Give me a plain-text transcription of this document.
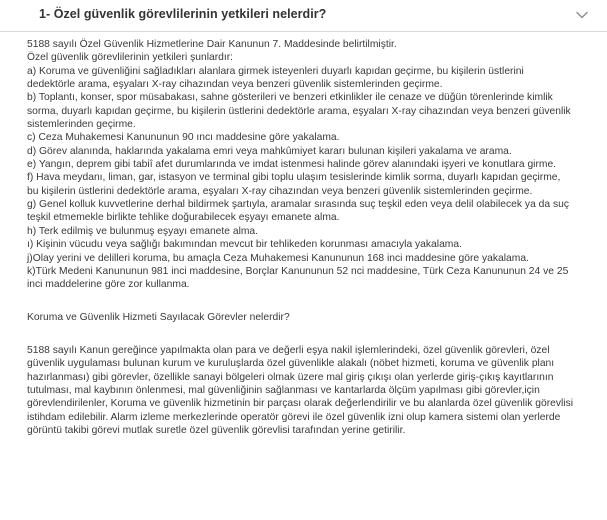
1- Özel güvenlik görevlilerinin yetkileri nelerdir?

5188 sayılı Özel Güvenlik Hizmetlerine Dair Kanunun 7. Maddesinde belirtilmiştir.

Özel güvenlik görevlilerinin yetkileri şunlardır:

a) Koruma ve güvenliğini sağladıkları alanlara girmek isteyenleri duyarlı kapıdan geçirme, bu kişilerin üstlerini

dedektörle arama, eşyaları X-ray cihazından veya benzeri güvenlik sistemlerinden geçirme.

b) Toplantı, konser, spor müsabakası, sahne gösterileri ve benzeri etkinlikler ile cenaze ve düğün törenlerinde kimlik

sorma, duyarlı kapıdan geçirme, bu kişilerin üstlerini dedektörle arama, eşyaları X-ray cihazından veya benzeri güvenlik

sistemlerinden geçirme.

c) Ceza Muhakemesi Kanununun 90 ıncı maddesine göre yakalama.

d) Görev alanında, haklarında yakalama emri veya mahkûmiyet kararı bulunan kişileri yakalama ve arama.

e) Yangın, deprem gibi tabiî afet durumlarında ve imdat istenmesi halinde görev alanındaki işyeri ve konutlara girme.

f) Hava meydanı, liman, gar, istasyon ve terminal gibi toplu ulaşım tesislerinde kimlik sorma, duyarlı kapıdan geçirme,

bu kişilerin üstlerini dedektörle arama, eşyaları X-ray cihazından veya benzeri güvenlik sistemlerinden geçirme.

g) Genel kolluk kuvvetlerine derhal bildirmek şartıyla, aramalar sırasında suç teşkil eden veya delil olabilecek ya da suç

teşkil etmemekle birlikte tehlike doğurabilecek eşyayı emanete alma.

h) Terk edilmiş ve bulunmuş eşyayı emanete alma.

ı) Kişinin vücudu veya sağlığı bakımından mevcut bir tehlikeden korunması amacıyla yakalama.

j)Olay yerini ve delilleri koruma, bu amaçla Ceza Muhakemesi Kanununun 168 inci maddesine göre yakalama.

k)Türk Medeni Kanununun 981 inci maddesine, Borçlar Kanununun 52 nci maddesine, Türk Ceza Kanununun 24 ve 25

inci maddelerine göre zor kullanma.

Koruma ve Güvenlik Hizmeti Sayılacak Görevler nelerdir?

5188 sayılı Kanun gereğince yapılmakta olan para ve değerli eşya nakil işlemlerindeki, özel güvenlik görevleri, özel

güvenlik uygulaması bulunan kurum ve kuruluşlarda özel güvenlikle alakalı (nöbet hizmeti, koruma ve güvenlik planı

hazırlanması) gibi görevler, özellikle sanayi bölgeleri olmak üzere mal giriş çıkışı olan yerlerde giriş-çıkış kayıtlarının

tutulması, mal kaybının önlenmesi, mal güvenliğinin sağlanması ve kantarlarda ölçüm yapılması gibi görevler,için

görevlendirilenler, Koruma ve güvenlik hizmetinin bir parçası olarak değerlendirilir ve bu alanlarda özel güvenlik görevlisi

istihdam edilebilir. Alarm izleme merkezlerinde operatör görevi ile özel güvenlik izni olup kamera sistemi olan yerlerde

görüntü takibi görevi mutlak suretle özel güvenlik görevlisi tarafından yerine getirilir.
